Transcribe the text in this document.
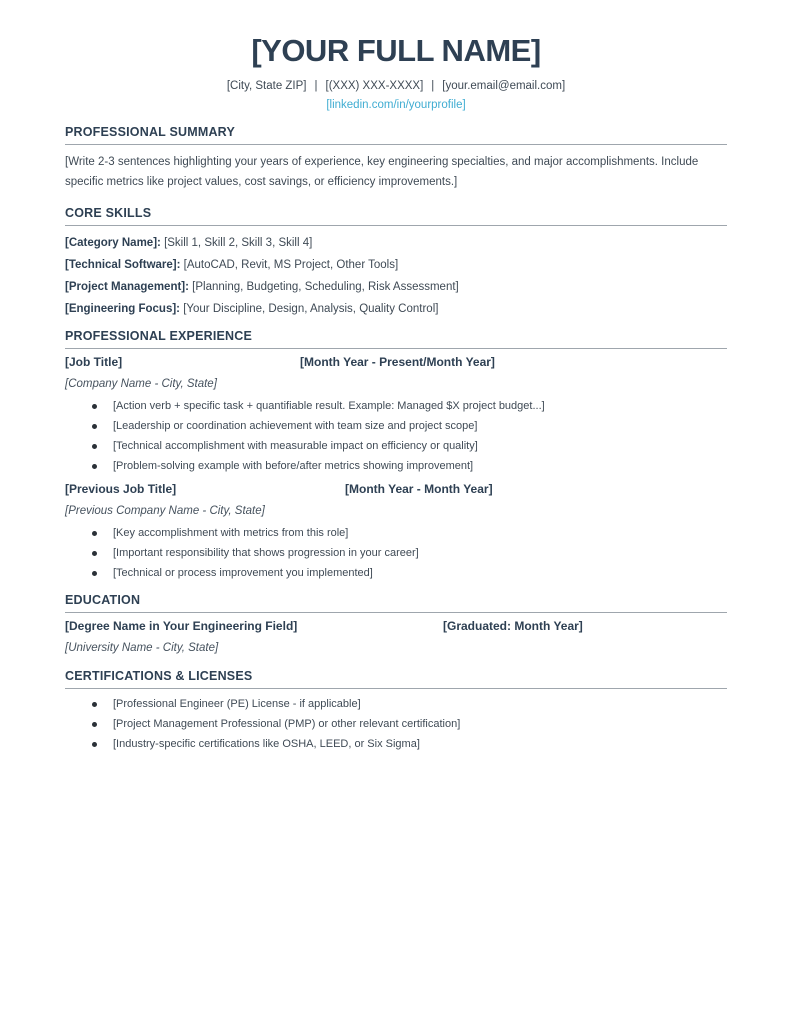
[YOUR FULL NAME]
[City, State ZIP] | [(XXX) XXX-XXXX] | [your.email@email.com]
[linkedin.com/in/yourprofile]
PROFESSIONAL SUMMARY
[Write 2-3 sentences highlighting your years of experience, key engineering specialties, and major accomplishments. Include specific metrics like project values, cost savings, or efficiency improvements.]
CORE SKILLS
[Category Name]: [Skill 1, Skill 2, Skill 3, Skill 4]
[Technical Software]: [AutoCAD, Revit, MS Project, Other Tools]
[Project Management]: [Planning, Budgeting, Scheduling, Risk Assessment]
[Engineering Focus]: [Your Discipline, Design, Analysis, Quality Control]
PROFESSIONAL EXPERIENCE
[Job Title]	[Month Year - Present/Month Year]
[Company Name - City, State]
[Action verb + specific task + quantifiable result. Example: Managed $X project budget...]
[Leadership or coordination achievement with team size and project scope]
[Technical accomplishment with measurable impact on efficiency or quality]
[Problem-solving example with before/after metrics showing improvement]
[Previous Job Title]	[Month Year - Month Year]
[Previous Company Name - City, State]
[Key accomplishment with metrics from this role]
[Important responsibility that shows progression in your career]
[Technical or process improvement you implemented]
EDUCATION
[Degree Name in Your Engineering Field]	[Graduated: Month Year]
[University Name - City, State]
CERTIFICATIONS & LICENSES
[Professional Engineer (PE) License - if applicable]
[Project Management Professional (PMP) or other relevant certification]
[Industry-specific certifications like OSHA, LEED, or Six Sigma]
